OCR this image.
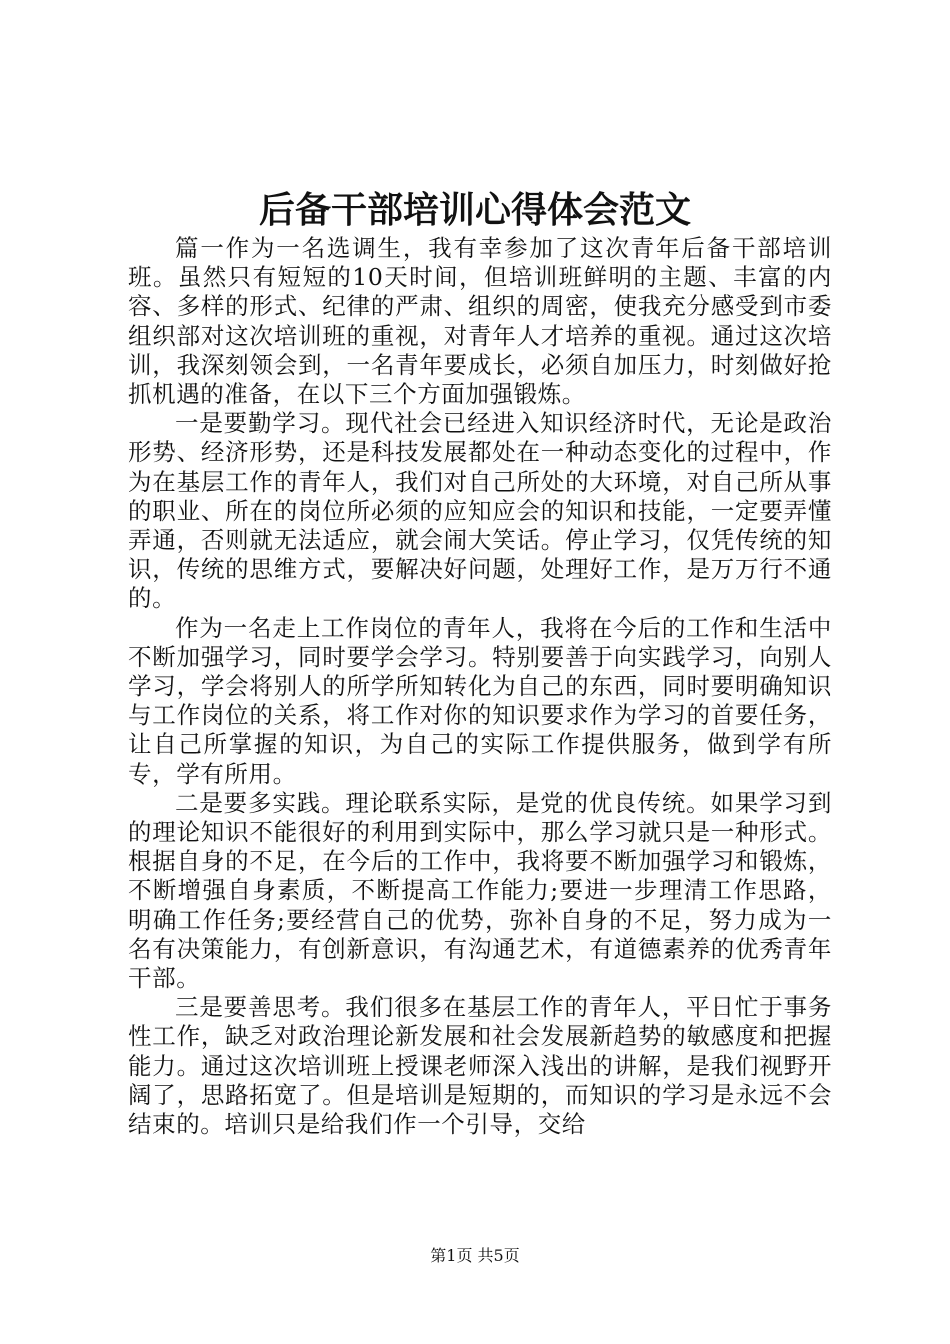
后备干部培训心得体会范文

篇一作为一名选调生，我有幸参加了这次青年后备干部培训班。虽然只有短短的10天时间，但培训班鲜明的主题、丰富的内容、多样的形式、纪律的严肃、组织的周密，使我充分感受到市委组织部对这次培训班的重视，对青年人才培养的重视。通过这次培训，我深刻领会到，一名青年要成长，必须自加压力，时刻做好抢抓机遇的准备，在以下三个方面加强锻炼。

一是要勤学习。现代社会已经进入知识经济时代，无论是政治形势、经济形势，还是科技发展都处在一种动态变化的过程中，作为在基层工作的青年人，我们对自己所处的大环境，对自己所从事的职业、所在的岗位所必须的应知应会的知识和技能，一定要弄懂弄通，否则就无法适应，就会闹大笑话。停止学习，仅凭传统的知识，传统的思维方式，要解决好问题，处理好工作，是万万行不通的。

作为一名走上工作岗位的青年人，我将在今后的工作和生活中不断加强学习，同时要学会学习。特别要善于向实践学习，向别人学习，学会将别人的所学所知转化为自己的东西，同时要明确知识与工作岗位的关系，将工作对你的知识要求作为学习的首要任务，让自己所掌握的知识，为自己的实际工作提供服务，做到学有所专，学有所用。

二是要多实践。理论联系实际，是党的优良传统。如果学习到的理论知识不能很好的利用到实际中，那么学习就只是一种形式。根据自身的不足，在今后的工作中，我将要不断加强学习和锻炼，不断增强自身素质，不断提高工作能力;要进一步理清工作思路，明确工作任务;要经营自己的优势，弥补自身的不足，努力成为一名有决策能力，有创新意识，有沟通艺术，有道德素养的优秀青年干部。

三是要善思考。我们很多在基层工作的青年人，平日忙于事务性工作，缺乏对政治理论新发展和社会发展新趋势的敏感度和把握能力。通过这次培训班上授课老师深入浅出的讲解，是我们视野开阔了，思路拓宽了。但是培训是短期的，而知识的学习是永远不会结束的。培训只是给我们作一个引导，交给

第1页 共5页
